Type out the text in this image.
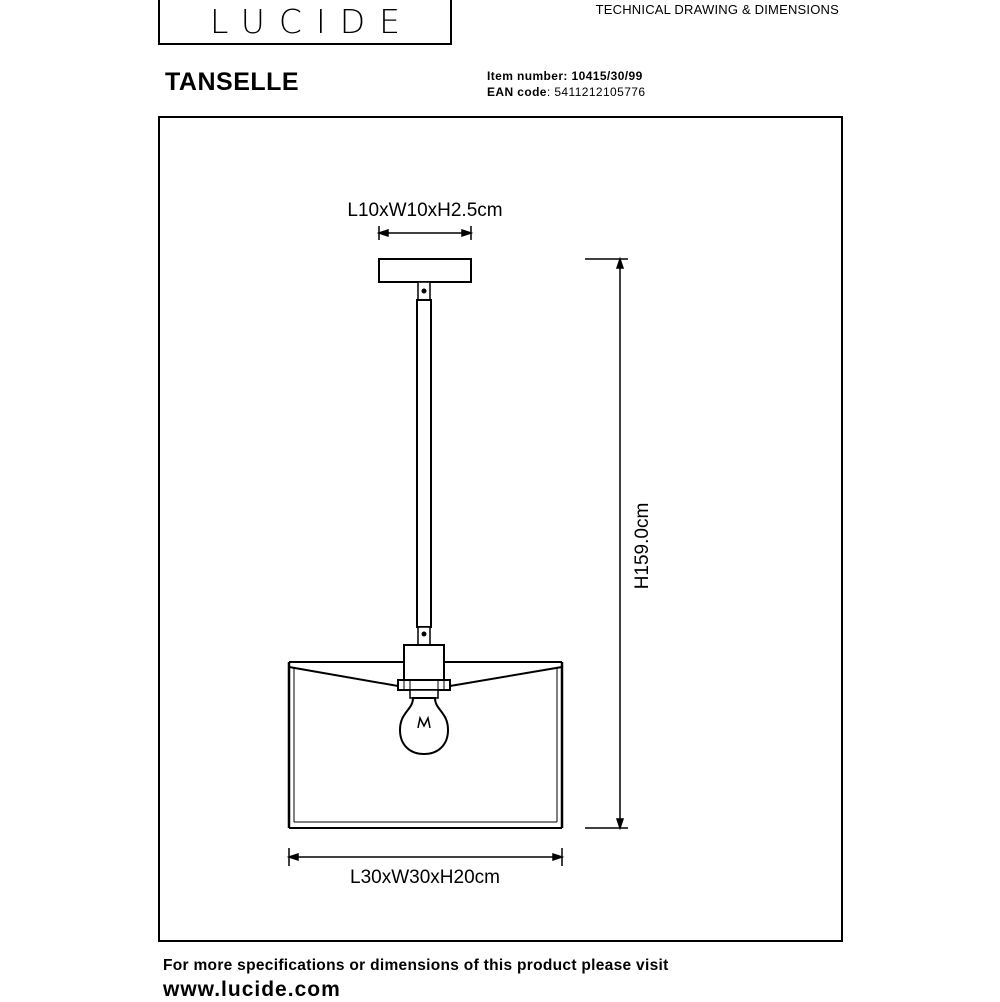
LUCIDE	TECHNICAL DRAWING & DIMENSIONS
TANSELLE	Item number: 10415/30/99
EAN code: 5411212105776
L10xW10xH2.5cm
H159.0cm
L30xW30xH20cm
For more specifications or dimensions of this product please visit
www.lucide.com
